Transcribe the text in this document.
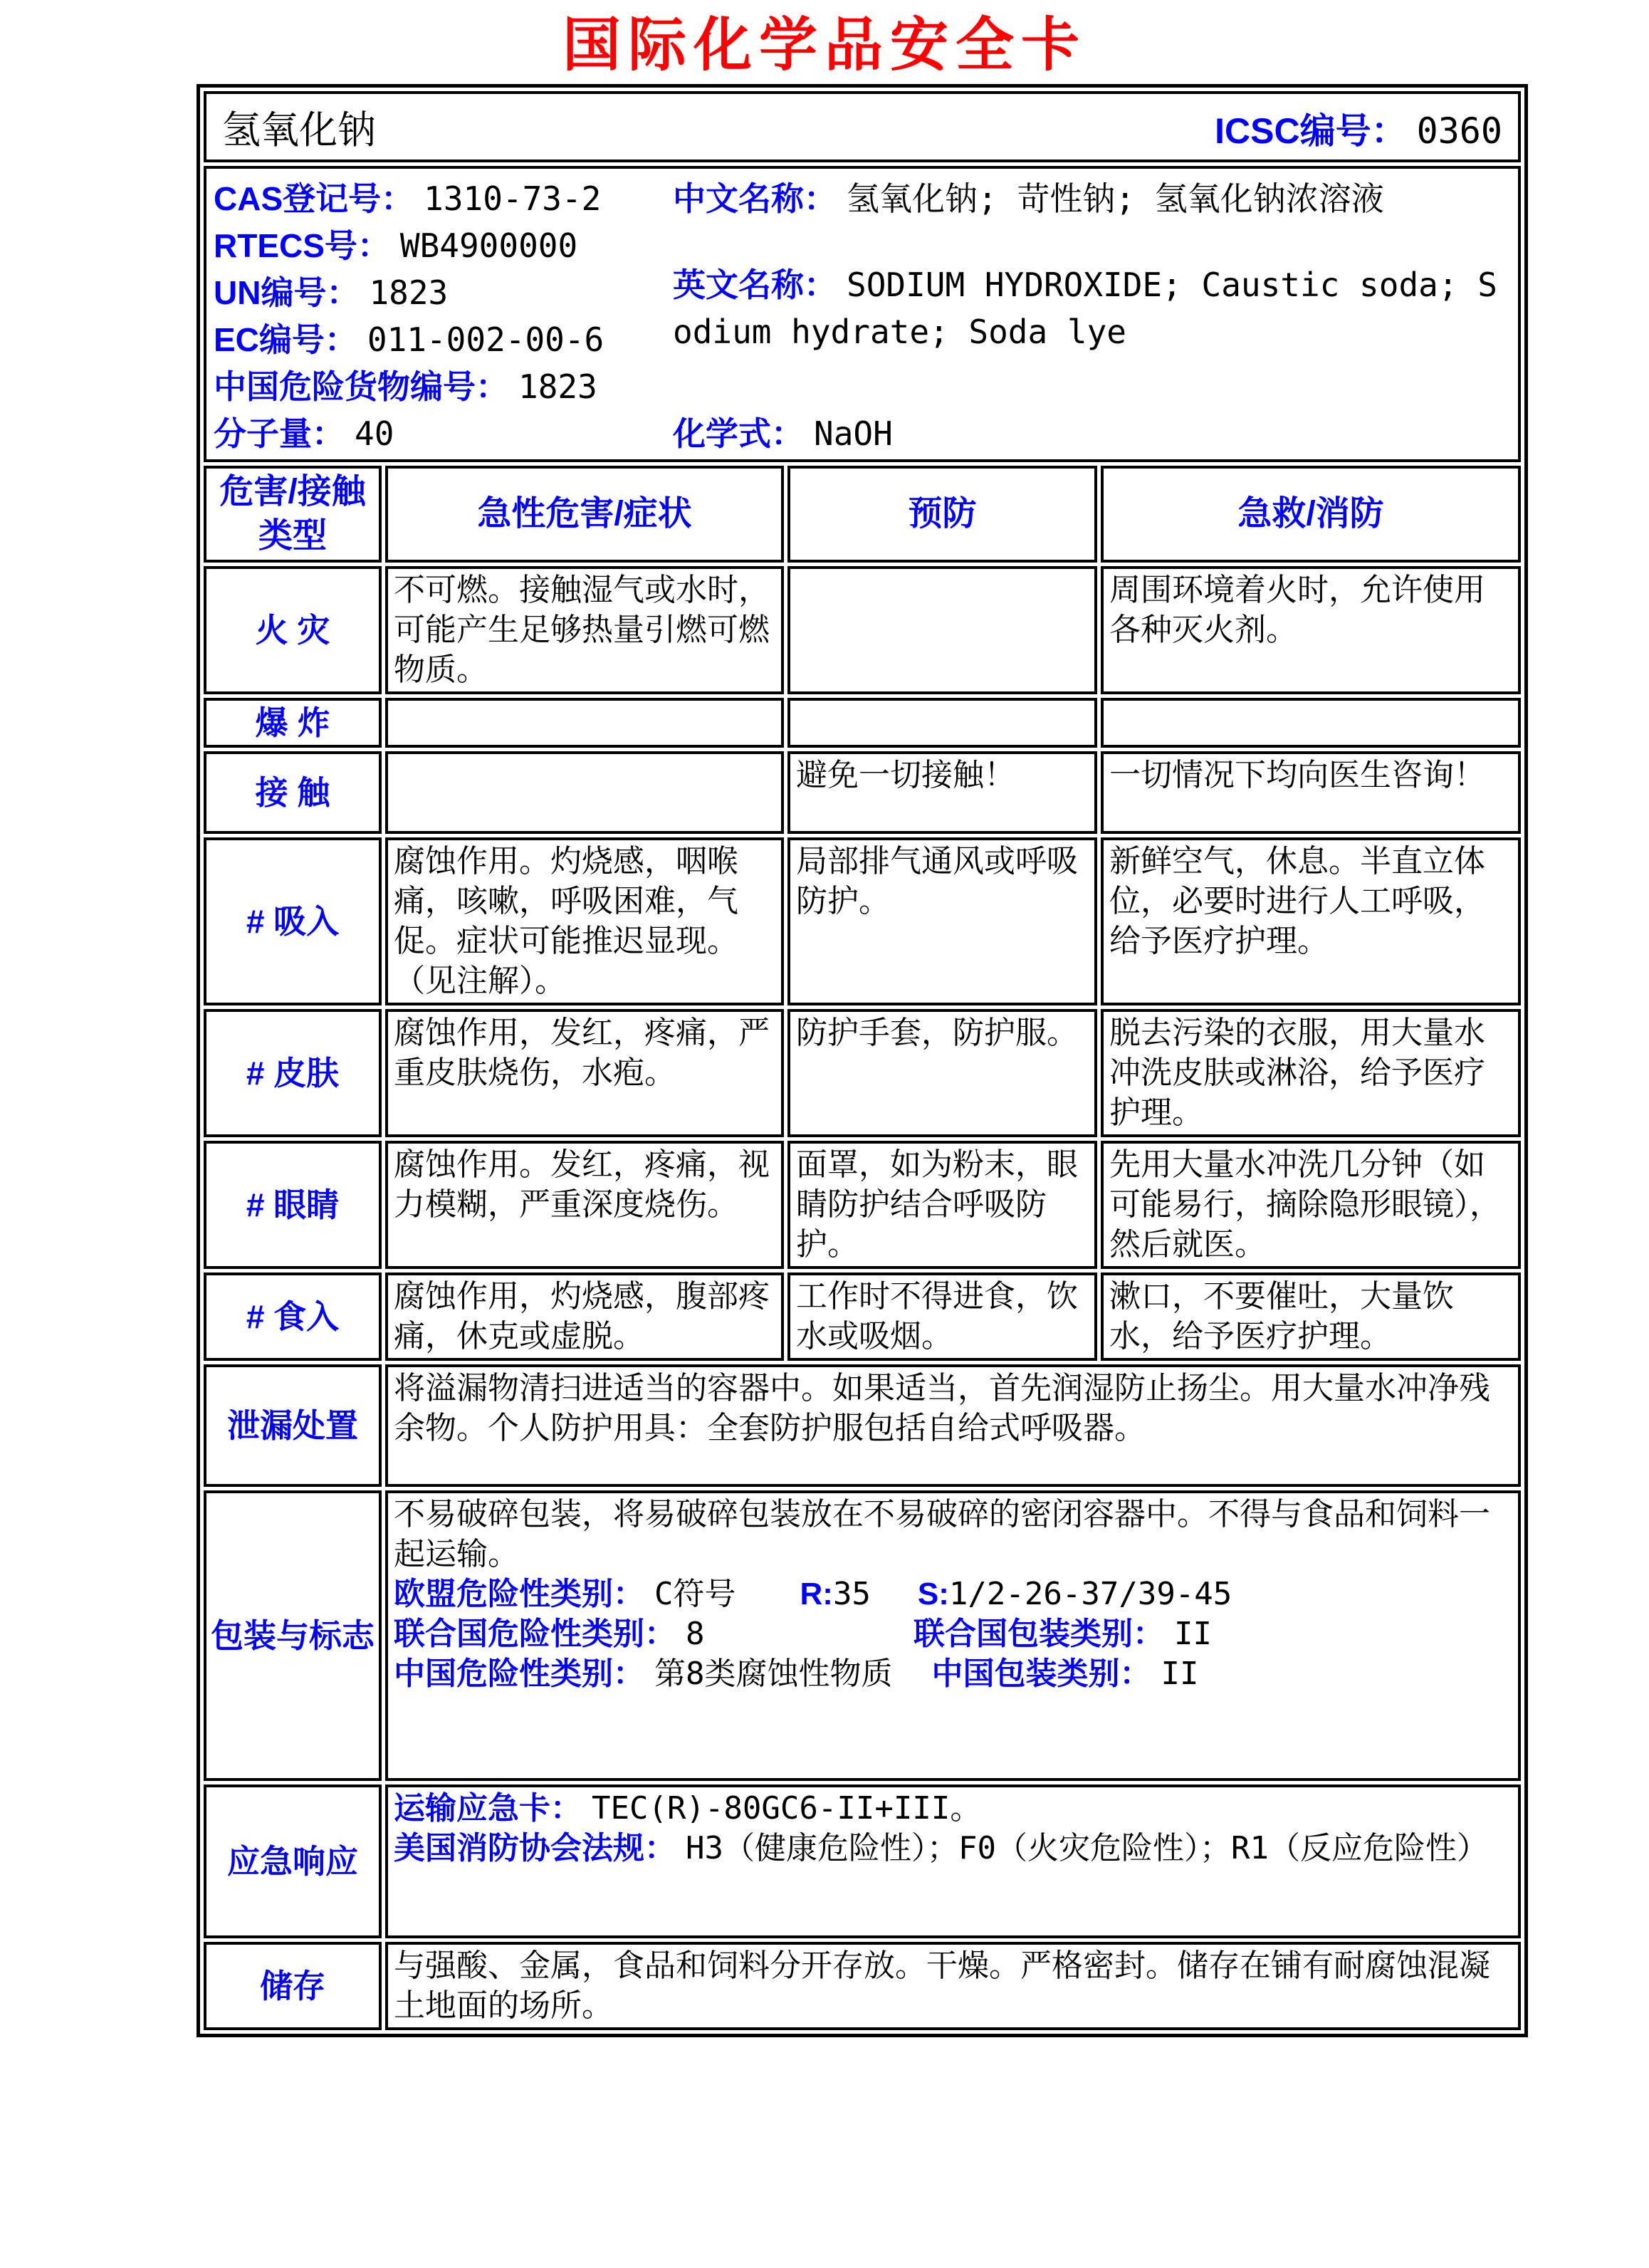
国际化学品安全卡
氢氧化钠 ICSC编号： 0360			

CAS登记号： 1310-73-2
RTECS号： WB4900000
UN编号： 1823
EC编号： 011-002-00-6
中国危险货物编号： 1823
分子量： 40
中文名称： 氢氧化钠; 苛性钠; 氢氧化钠浓溶液
英文名称： SODIUM HYDROXIDE; Caustic soda; Sodium hydrate; Soda lye
化学式： NaOH

危害/接触类型	急性危害/症状	预防	急救/消防
火 灾	不可燃。接触湿气或水时，可能产生足够热量引燃可燃物质。		周围环境着火时，允许使用各种灭火剂。
爆 炸			
接 触		避免一切接触！	一切情况下均向医生咨询！
# 吸入	腐蚀作用。灼烧感，咽喉痛，咳嗽，呼吸困难，气促。症状可能推迟显现。（见注解）。	局部排气通风或呼吸防护。	新鲜空气，休息。半直立体位，必要时进行人工呼吸，给予医疗护理。
# 皮肤	腐蚀作用，发红，疼痛，严重皮肤烧伤，水疱。	防护手套，防护服。	脱去污染的衣服，用大量水冲洗皮肤或淋浴，给予医疗护理。
# 眼睛	腐蚀作用。发红，疼痛，视力模糊，严重深度烧伤。	面罩，如为粉末，眼睛防护结合呼吸防护。	先用大量水冲洗几分钟（如可能易行，摘除隐形眼镜），然后就医。
# 食入	腐蚀作用，灼烧感，腹部疼痛，休克或虚脱。	工作时不得进食，饮水或吸烟。	漱口，不要催吐，大量饮水，给予医疗护理。
泄漏处置	将溢漏物清扫进适当的容器中。如果适当，首先润湿防止扬尘。用大量水冲净残余物。个人防护用具：全套防护服包括自给式呼吸器。		
包装与标志	不易破碎包装，将易破碎包装放在不易破碎的密闭容器中。不得与食品和饲料一起运输。
欧盟危险性类别： C符号 R:35 S:1/2-26-37/39-45
联合国危险性类别： 8 联合国包装类别： II
中国危险性类别： 第8类腐蚀性物质 中国包装类别： II		

应急响应	运输应急卡： TEC(R)-80GC6-II+III。
美国消防协会法规： H3（健康危险性）；F0（火灾危险性）；R1（反应危险性）		

储存	与强酸、金属，食品和饲料分开存放。干燥。严格密封。储存在铺有耐腐蚀混凝土地面的场所。		
